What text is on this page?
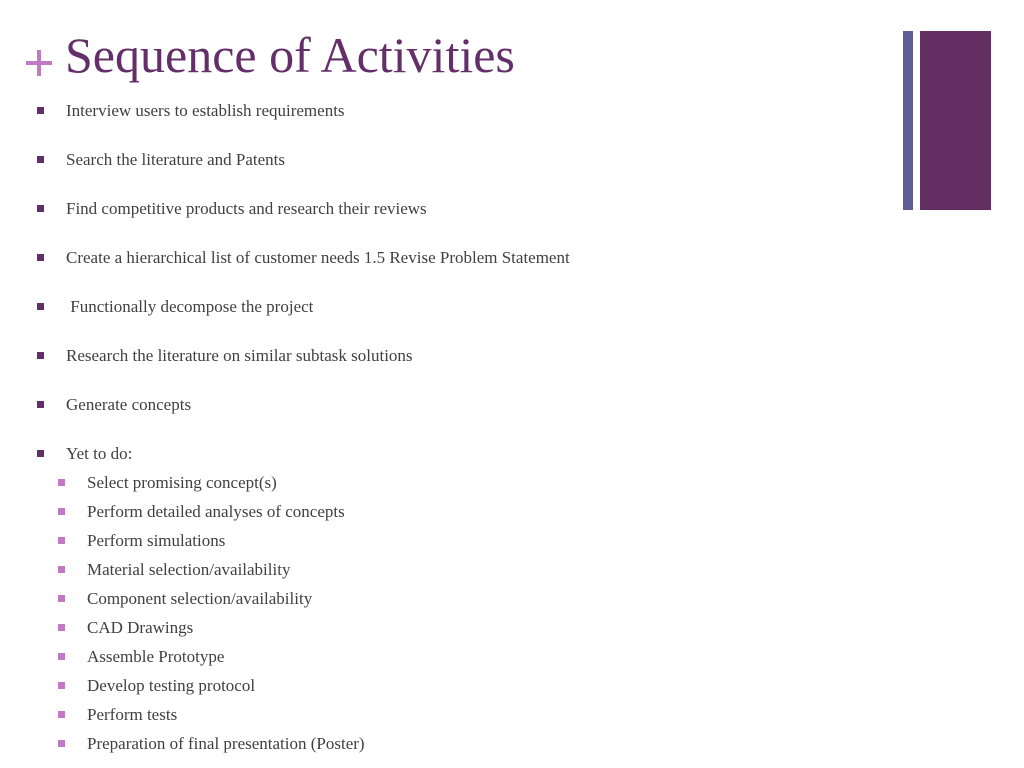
Sequence of Activities
Interview users to establish requirements
Search the literature and Patents
Find competitive products and research their reviews
Create a hierarchical list of customer needs 1.5 Revise Problem Statement
Functionally decompose the project
Research the literature on similar subtask solutions
Generate concepts
Yet to do:
Select promising concept(s)
Perform detailed analyses of concepts
Perform simulations
Material selection/availability
Component selection/availability
CAD Drawings
Assemble Prototype
Develop testing protocol
Perform tests
Preparation of final presentation (Poster)
